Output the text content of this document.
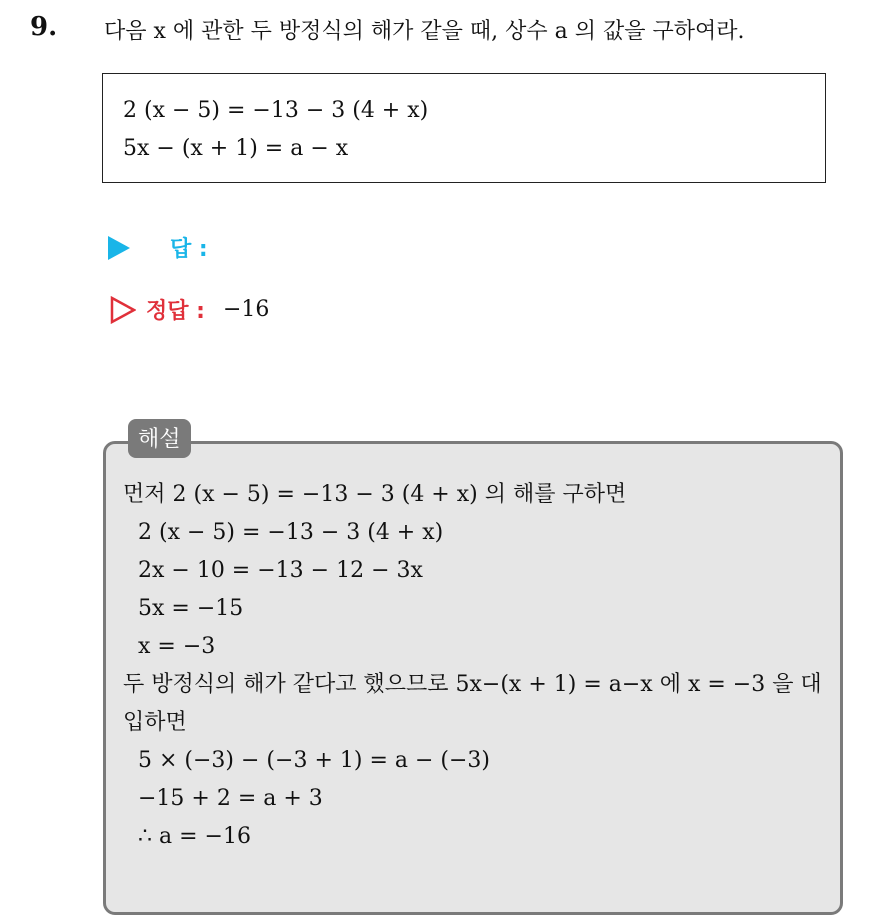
9. 다음 x 에 관한 두 방정식의 해가 같을 때, 상수 a 의 값을 구하여라.
2 (x − 5) = −13 − 3 (4 + x)
5x − (x + 1) = a − x
답 :
정답 : −16
해설
먼저 2 (x − 5) = −13 − 3 (4 + x) 의 해를 구하면
2 (x − 5) = −13 − 3 (4 + x)
2x − 10 = −13 − 12 − 3x
5x = −15
x = −3
두 방정식의 해가 같다고 했으므로 5x−(x + 1) = a−x 에 x = −3 을 대입하면
5 × (−3) − (−3 + 1) = a − (−3)
−15 + 2 = a + 3
∴ a = −16
